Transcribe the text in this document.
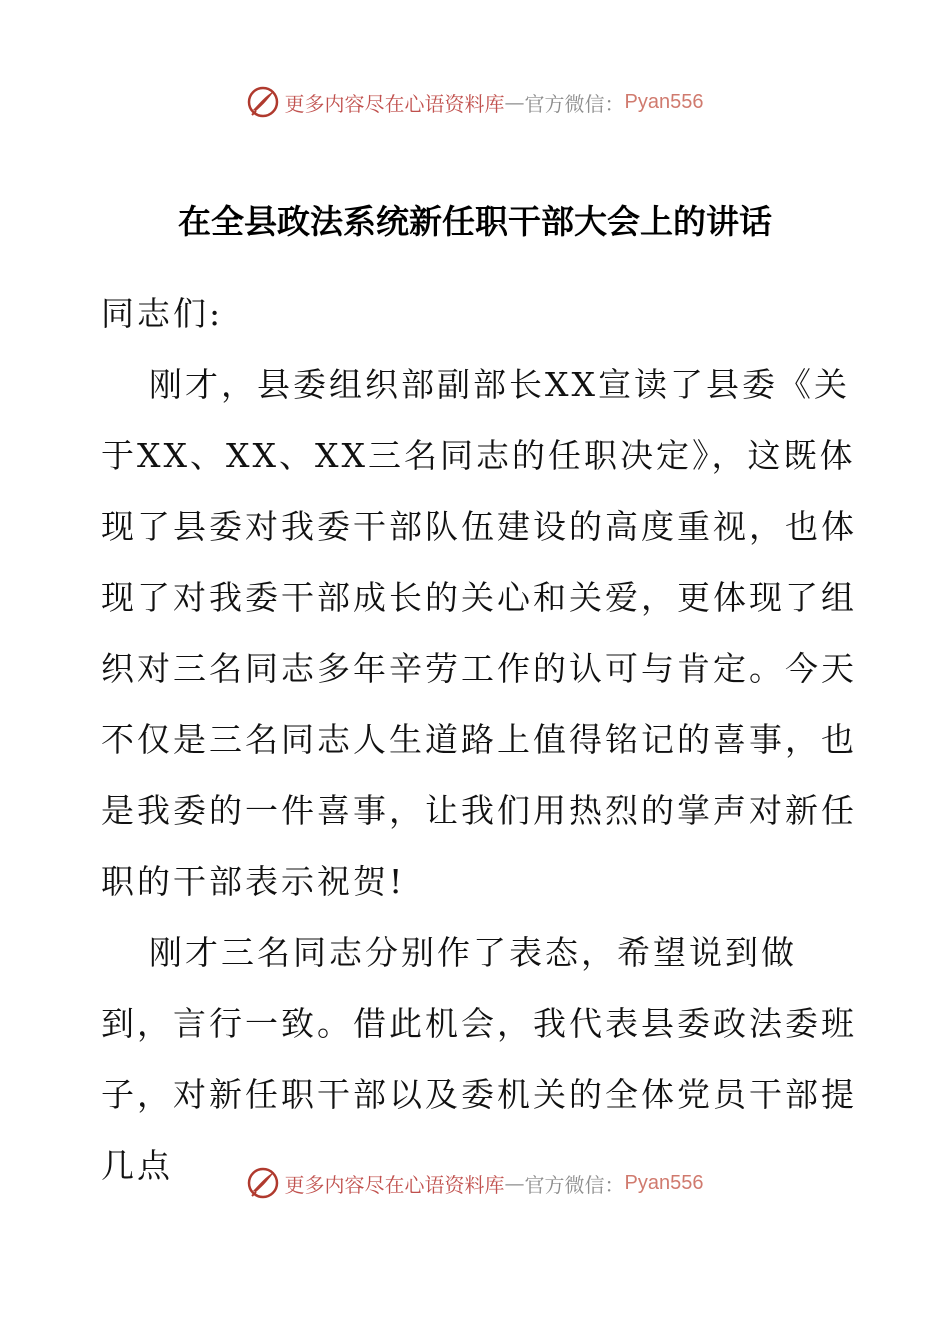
更多内容尽在心语资料库 — 官方微信： Pyan556
在全县政法系统新任职干部大会上的讲话

同志们:

刚才，县委组织部副部长XX宣读了县委《关于XX、XX、XX三名同志的任职决定》，这既体现了县委对我委干部队伍建设的高度重视，也体现了对我委干部成长的关心和关爱，更体现了组织对三名同志多年辛劳工作的认可与肯定。今天不仅是三名同志人生道路上值得铭记的喜事，也是我委的一件喜事，让我们用热烈的掌声对新任职的干部表示祝贺!

刚才三名同志分别作了表态，希望说到做到，言行一致。借此机会，我代表县委政法委班子，对新任职干部以及委机关的全体党员干部提几点	更多内容尽在心语资料库 — 官方微信： Pyan556
